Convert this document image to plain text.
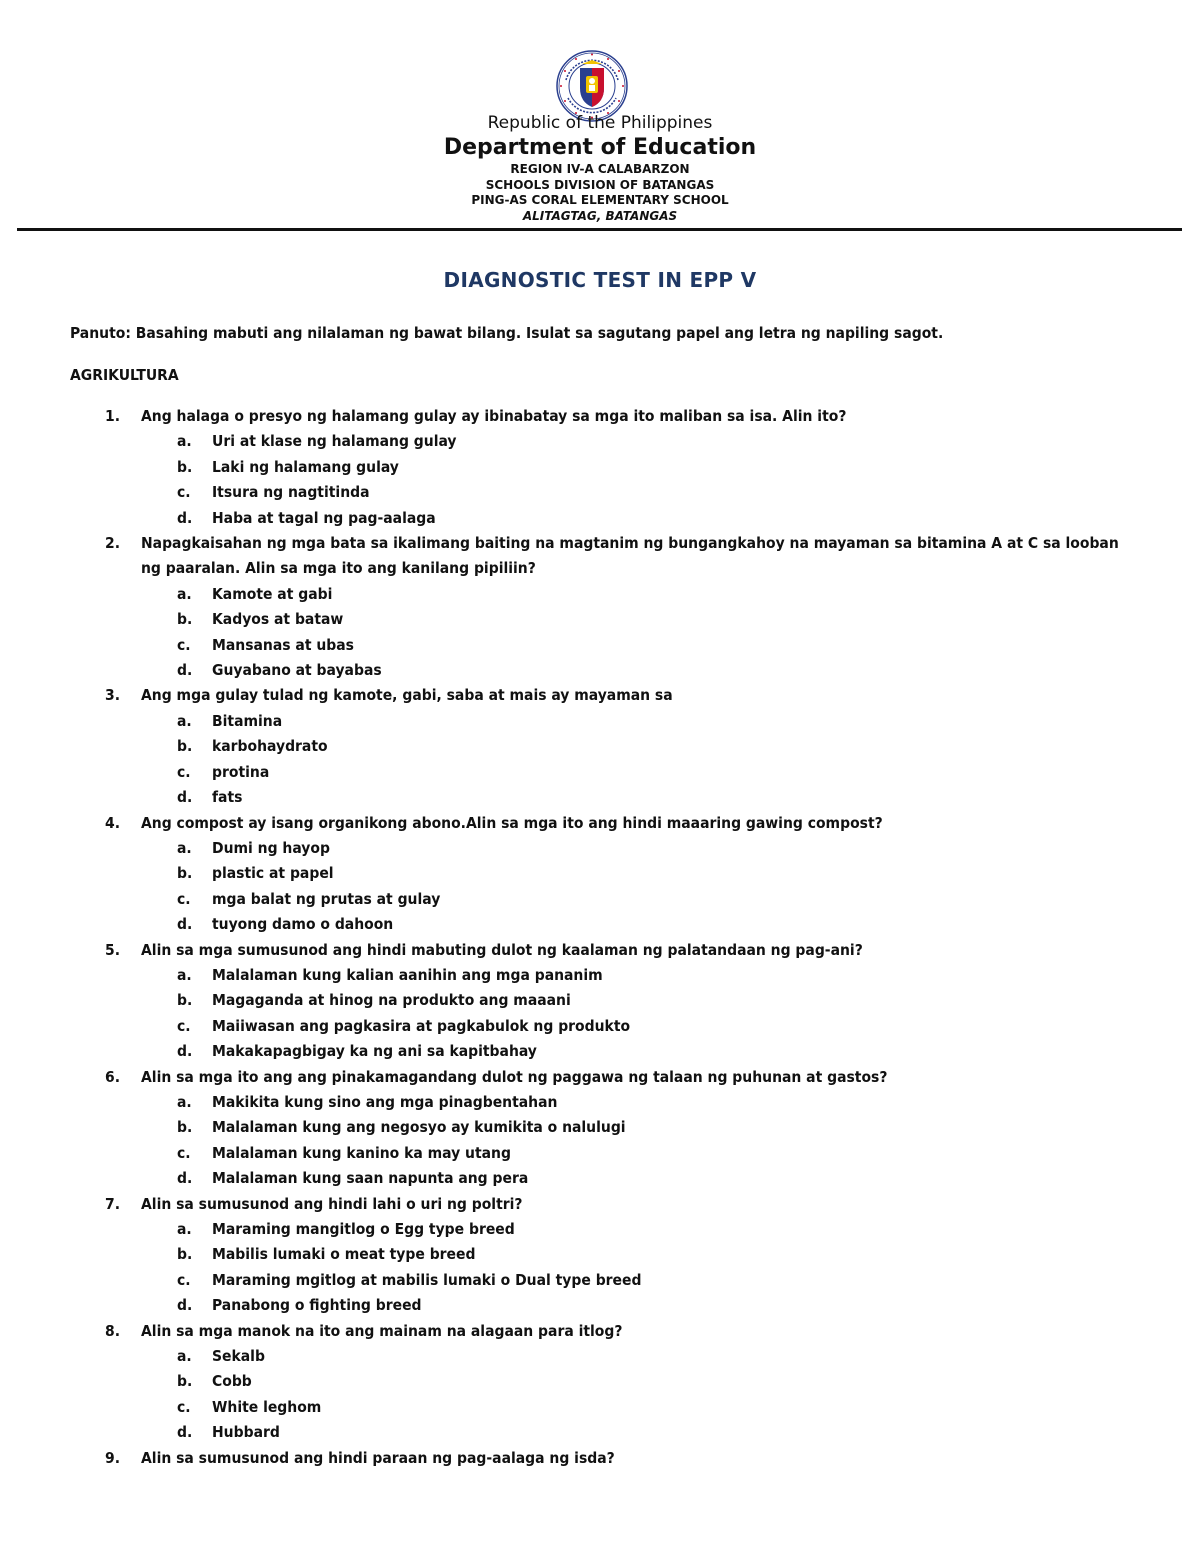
Republic of the Philippines
Department of Education
REGION IV-A CALABARZON
SCHOOLS DIVISION OF BATANGAS
PING-AS CORAL ELEMENTARY SCHOOL
ALITAGTAG, BATANGAS
DIAGNOSTIC TEST IN EPP V
Panuto: Basahing mabuti ang nilalaman ng bawat bilang. Isulat sa sagutang papel ang letra ng napiling sagot.
AGRIKULTURA
1.	Ang halaga o presyo ng halamang gulay ay ibinabatay sa mga ito maliban sa isa. Alin ito?
a.	Uri at klase ng halamang gulay
b.	Laki ng halamang gulay
c.	Itsura ng nagtitinda
d.	Haba at tagal ng pag-aalaga
2.	Napagkaisahan ng mga bata sa ikalimang baiting na magtanim ng bungangkahoy na mayaman sa bitamina A at C sa looban ng paaralan. Alin sa mga ito ang kanilang pipiliin?
a.	Kamote at gabi
b.	Kadyos at bataw
c.	Mansanas at ubas
d.	Guyabano at bayabas
3.	Ang mga gulay tulad ng kamote, gabi, saba at mais ay mayaman sa
a.	Bitamina
b.	karbohaydrato
c.	protina
d.	fats
4.	Ang compost ay isang organikong abono.Alin sa mga ito ang hindi maaaring gawing compost?
a.	Dumi ng hayop
b.	plastic at papel
c.	mga balat ng prutas at gulay
d.	tuyong damo o dahoon
5.	Alin sa mga sumusunod ang hindi mabuting dulot ng kaalaman ng palatandaan ng pag-ani?
a.	Malalaman kung kalian aanihin ang mga pananim
b.	Magaganda at hinog na produkto ang maaani
c.	Maiiwasan ang pagkasira at pagkabulok ng produkto
d.	Makakapagbigay ka ng ani sa kapitbahay
6.	Alin sa mga ito ang ang pinakamagandang dulot ng paggawa ng talaan ng puhunan at gastos?
a.	Makikita kung sino ang mga pinagbentahan
b.	Malalaman kung ang negosyo ay kumikita o nalulugi
c.	Malalaman kung kanino ka may utang
d.	Malalaman kung saan napunta ang pera
7.	Alin sa sumusunod ang hindi lahi o uri ng poltri?
a.	Maraming mangitlog o Egg type breed
b.	Mabilis lumaki o meat type breed
c.	Maraming mgitlog at mabilis lumaki o Dual type breed
d.	Panabong o fighting breed
8.	Alin sa mga manok na ito ang mainam na alagaan para itlog?
a.	Sekalb
b.	Cobb
c.	White leghom
d.	Hubbard
9.	Alin sa sumusunod ang hindi paraan ng pag-aalaga ng isda?
